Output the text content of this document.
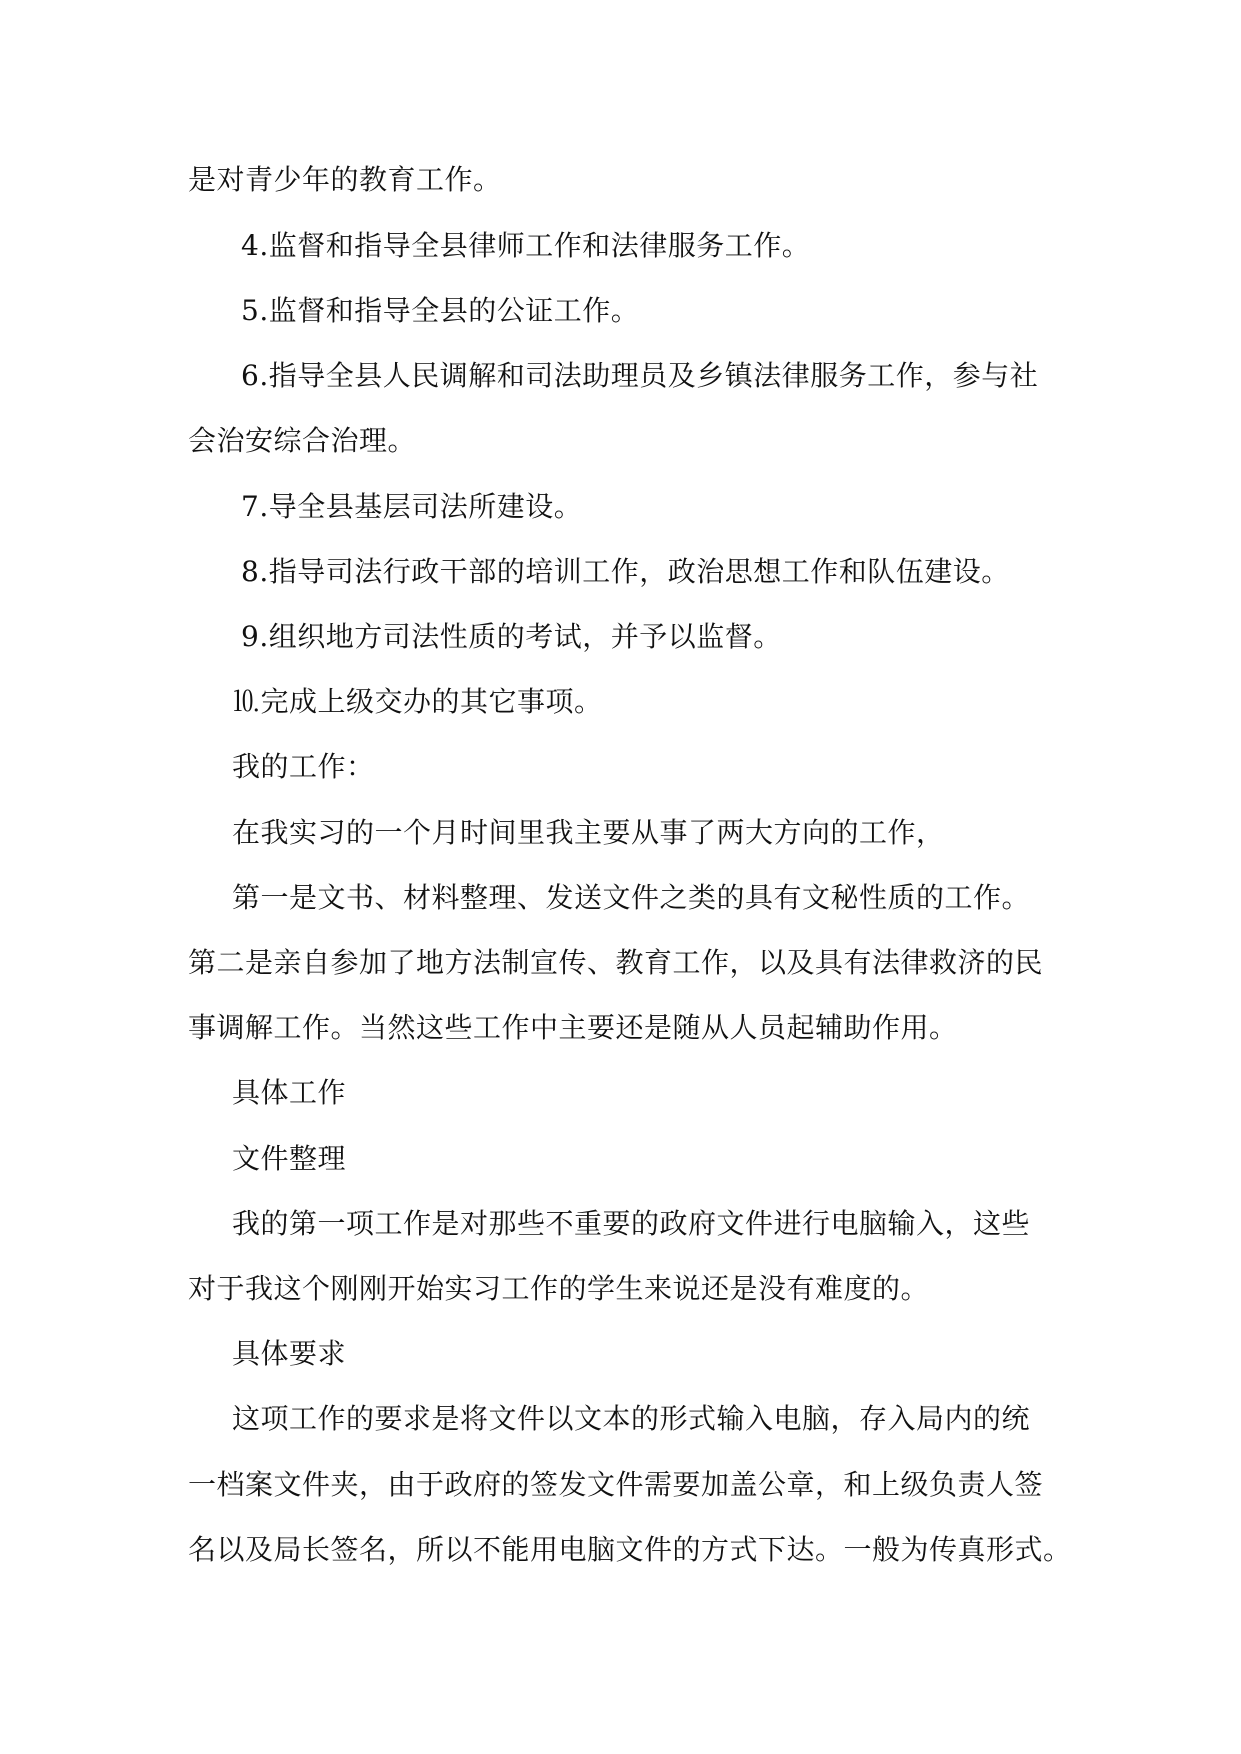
是对青少年的教育工作。
4.监督和指导全县律师工作和法律服务工作。
5.监督和指导全县的公证工作。
6.指导全县人民调解和司法助理员及乡镇法律服务工作，参与社
会治安综合治理。
7.导全县基层司法所建设。
8.指导司法行政干部的培训工作，政治思想工作和队伍建设。
9.组织地方司法性质的考试，并予以监督。
⒑完成上级交办的其它事项。
我的工作：
在我实习的一个月时间里我主要从事了两大方向的工作，
第一是文书、材料整理、发送文件之类的具有文秘性质的工作。
第二是亲自参加了地方法制宣传、教育工作，以及具有法律救济的民
事调解工作。当然这些工作中主要还是随从人员起辅助作用。
具体工作
文件整理
我的第一项工作是对那些不重要的政府文件进行电脑输入，这些
对于我这个刚刚开始实习工作的学生来说还是没有难度的。
具体要求
这项工作的要求是将文件以文本的形式输入电脑，存入局内的统
一档案文件夹，由于政府的签发文件需要加盖公章，和上级负责人签
名以及局长签名，所以不能用电脑文件的方式下达。一般为传真形式。
